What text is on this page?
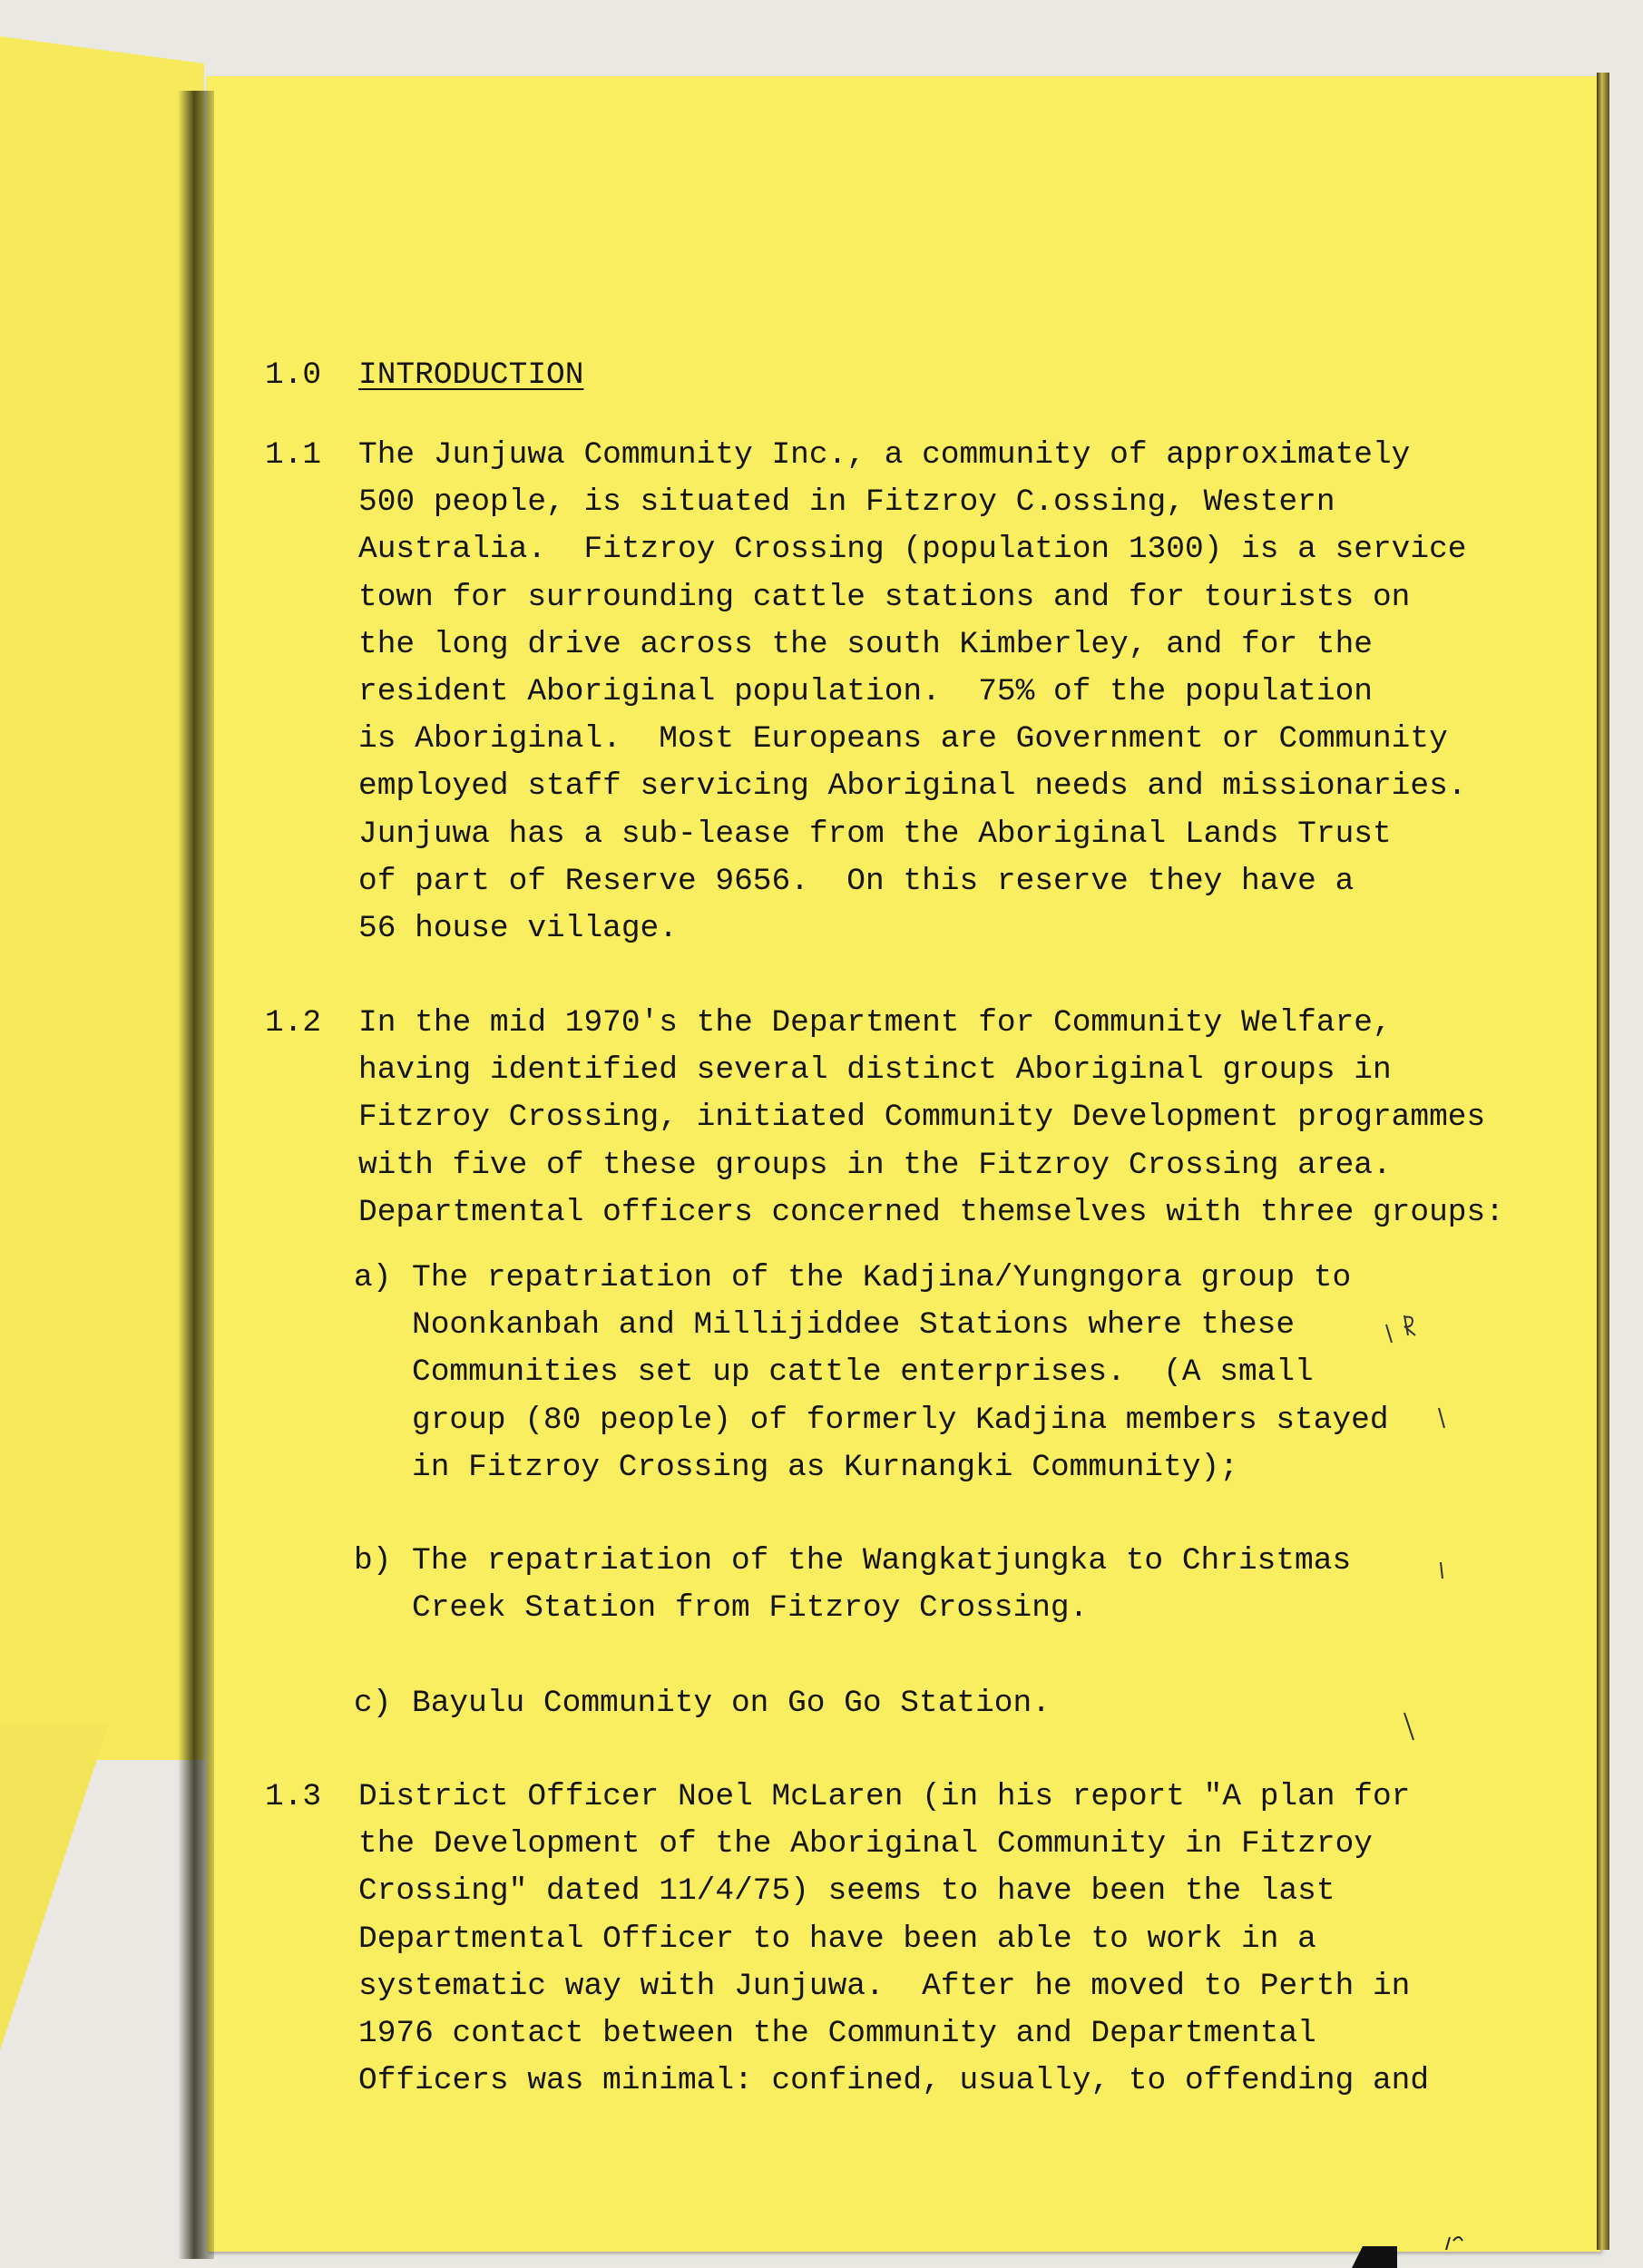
1.0 INTRODUCTION
1.1 The Junjuwa Community Inc., a community of approximately
500 people, is situated in Fitzroy C.ossing, Western
Australia.  Fitzroy Crossing (population 1300) is a service
town for surrounding cattle stations and for tourists on
the long drive across the south Kimberley, and for the
resident Aboriginal population.  75% of the population
is Aboriginal.  Most Europeans are Government or Community
employed staff servicing Aboriginal needs and missionaries.
Junjuwa has a sub-lease from the Aboriginal Lands Trust
of part of Reserve 9656.  On this reserve they have a
56 house village.
1.2 In the mid 1970's the Department for Community Welfare,
having identified several distinct Aboriginal groups in
Fitzroy Crossing, initiated Community Development programmes
with five of these groups in the Fitzroy Crossing area.
Departmental officers concerned themselves with three groups:
a) The repatriation of the Kadjina/Yungngora group to
Noonkanbah and Millijiddee Stations where these
Communities set up cattle enterprises.  (A small
group (80 people) of formerly Kadjina members stayed
in Fitzroy Crossing as Kurnangki Community);
b) The repatriation of the Wangkatjungka to Christmas
Creek Station from Fitzroy Crossing.
c) Bayulu Community on Go Go Station.
1.3 District Officer Noel McLaren (in his report "A plan for
the Development of the Aboriginal Community in Fitzroy
Crossing" dated 11/4/75) seems to have been the last
Departmental Officer to have been able to work in a
systematic way with Junjuwa.  After he moved to Perth in
1976 contact between the Community and Departmental
Officers was minimal: confined, usually, to offending and
